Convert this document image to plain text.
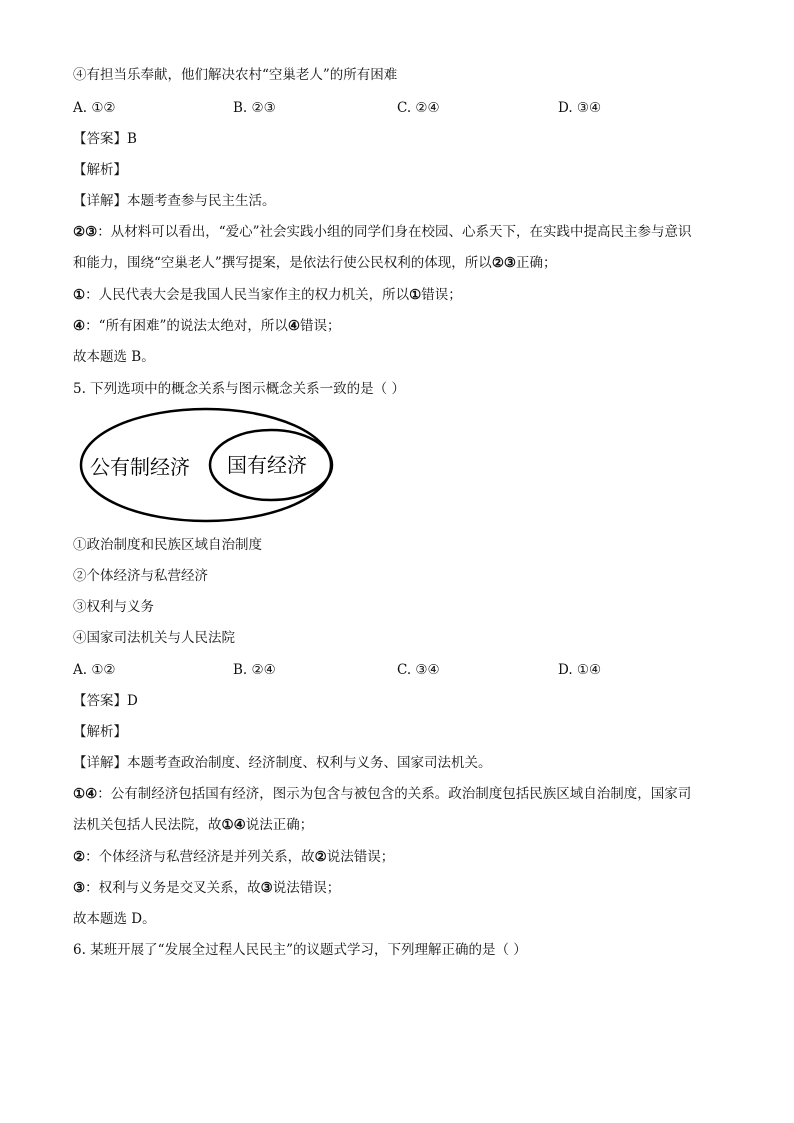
④有担当乐奉献，他们解决农村“空巢老人”的所有困难
A. ①②	B. ②③	C. ②④	D. ③④
【答案】B
【解析】
【详解】本题考查参与民主生活。
②③：从材料可以看出，“爱心”社会实践小组的同学们身在校园、心系天下，在实践中提高民主参与意识
和能力，围绕“空巢老人”撰写提案，是依法行使公民权利的体现，所以②③正确；
①：人民代表大会是我国人民当家作主的权力机关，所以①错误；
④：“所有困难”的说法太绝对，所以④错误；
故本题选 B。
5. 下列选项中的概念关系与图示概念关系一致的是（ ）
公有制经济 国有经济
①政治制度和民族区域自治制度
②个体经济与私营经济
③权利与义务
④国家司法机关与人民法院
A. ①②	B. ②④	C. ③④	D. ①④
【答案】D
【解析】
【详解】本题考查政治制度、经济制度、权利与义务、国家司法机关。
①④：公有制经济包括国有经济，图示为包含与被包含的关系。政治制度包括民族区域自治制度，国家司
法机关包括人民法院，故①④说法正确；
②：个体经济与私营经济是并列关系，故②说法错误；
③：权利与义务是交叉关系，故③说法错误；
故本题选 D。
6. 某班开展了“发展全过程人民民主”的议题式学习，下列理解正确的是（ ）
